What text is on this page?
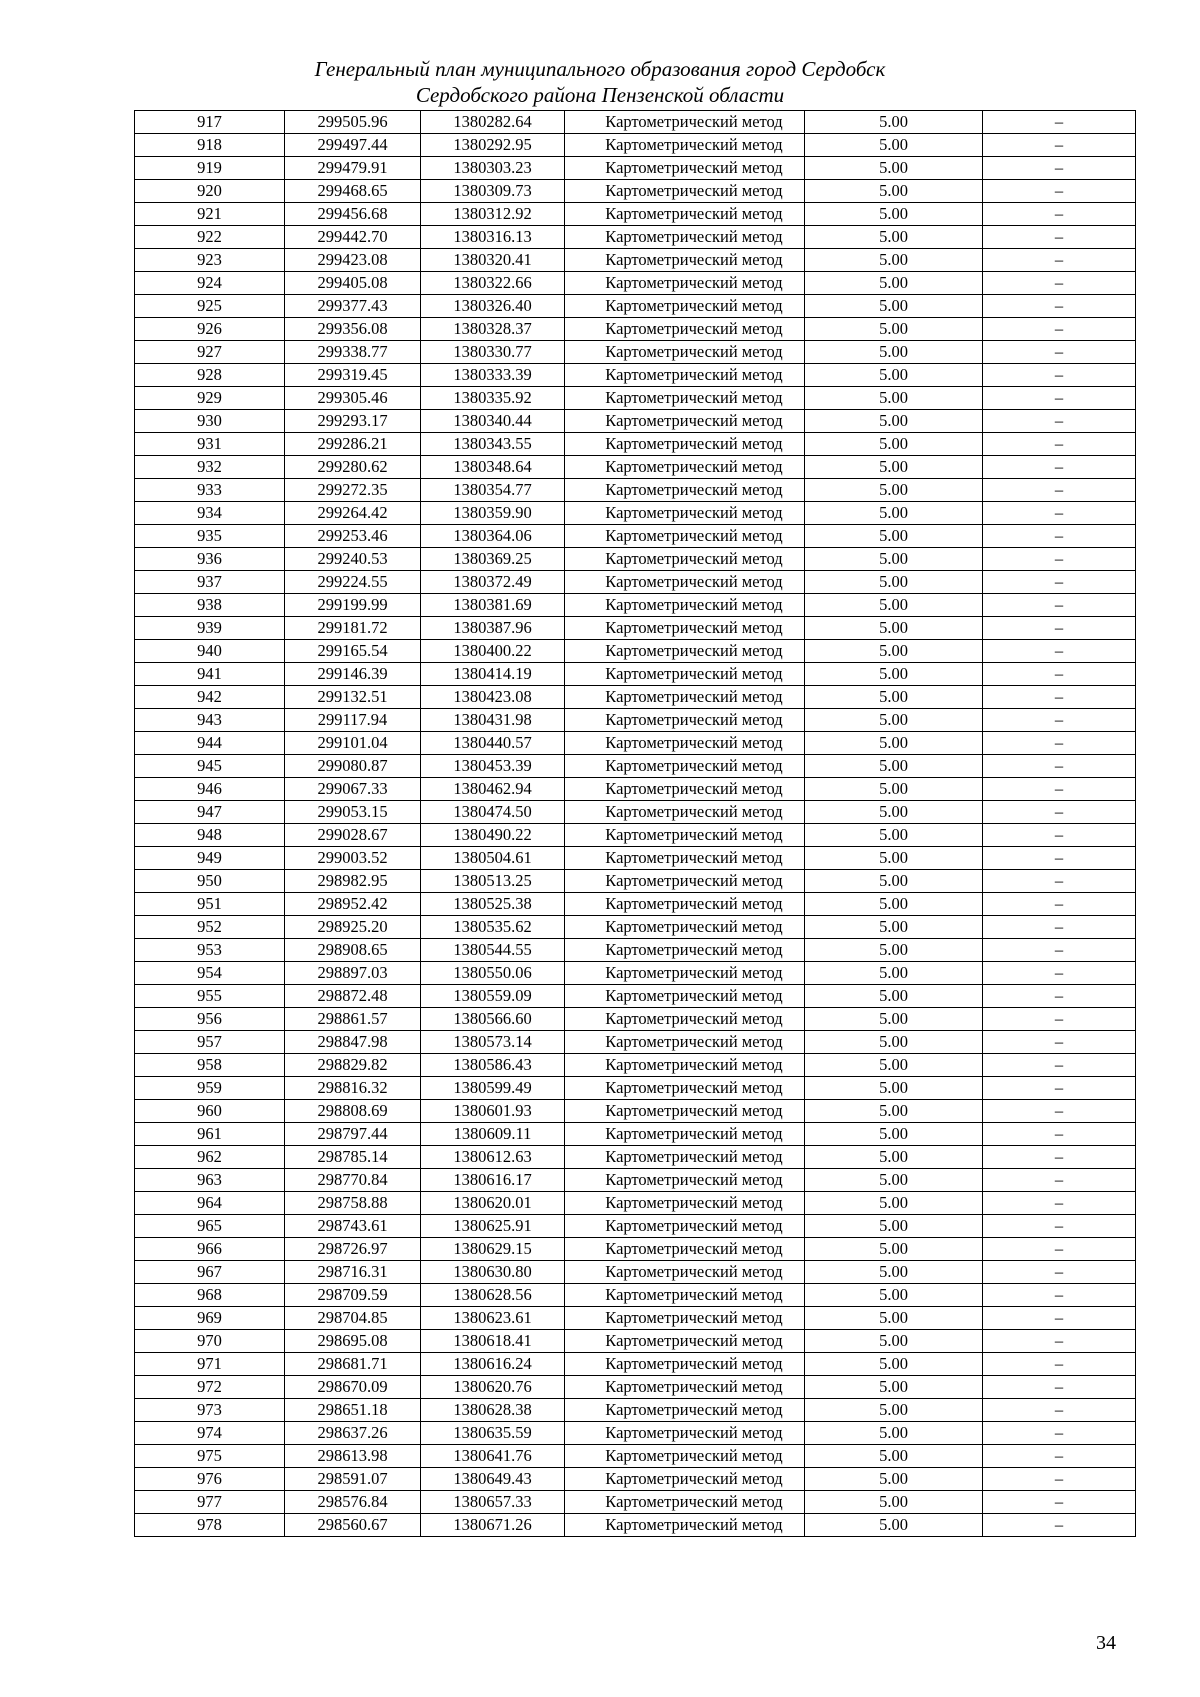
Генеральный план муниципального образования город Сердобск
Сердобского района Пензенской области
917	299505.96	1380282.64	Картометрический метод	5.00	–
918	299497.44	1380292.95	Картометрический метод	5.00	–
919	299479.91	1380303.23	Картометрический метод	5.00	–
920	299468.65	1380309.73	Картометрический метод	5.00	–
921	299456.68	1380312.92	Картометрический метод	5.00	–
922	299442.70	1380316.13	Картометрический метод	5.00	–
923	299423.08	1380320.41	Картометрический метод	5.00	–
924	299405.08	1380322.66	Картометрический метод	5.00	–
925	299377.43	1380326.40	Картометрический метод	5.00	–
926	299356.08	1380328.37	Картометрический метод	5.00	–
927	299338.77	1380330.77	Картометрический метод	5.00	–
928	299319.45	1380333.39	Картометрический метод	5.00	–
929	299305.46	1380335.92	Картометрический метод	5.00	–
930	299293.17	1380340.44	Картометрический метод	5.00	–
931	299286.21	1380343.55	Картометрический метод	5.00	–
932	299280.62	1380348.64	Картометрический метод	5.00	–
933	299272.35	1380354.77	Картометрический метод	5.00	–
934	299264.42	1380359.90	Картометрический метод	5.00	–
935	299253.46	1380364.06	Картометрический метод	5.00	–
936	299240.53	1380369.25	Картометрический метод	5.00	–
937	299224.55	1380372.49	Картометрический метод	5.00	–
938	299199.99	1380381.69	Картометрический метод	5.00	–
939	299181.72	1380387.96	Картометрический метод	5.00	–
940	299165.54	1380400.22	Картометрический метод	5.00	–
941	299146.39	1380414.19	Картометрический метод	5.00	–
942	299132.51	1380423.08	Картометрический метод	5.00	–
943	299117.94	1380431.98	Картометрический метод	5.00	–
944	299101.04	1380440.57	Картометрический метод	5.00	–
945	299080.87	1380453.39	Картометрический метод	5.00	–
946	299067.33	1380462.94	Картометрический метод	5.00	–
947	299053.15	1380474.50	Картометрический метод	5.00	–
948	299028.67	1380490.22	Картометрический метод	5.00	–
949	299003.52	1380504.61	Картометрический метод	5.00	–
950	298982.95	1380513.25	Картометрический метод	5.00	–
951	298952.42	1380525.38	Картометрический метод	5.00	–
952	298925.20	1380535.62	Картометрический метод	5.00	–
953	298908.65	1380544.55	Картометрический метод	5.00	–
954	298897.03	1380550.06	Картометрический метод	5.00	–
955	298872.48	1380559.09	Картометрический метод	5.00	–
956	298861.57	1380566.60	Картометрический метод	5.00	–
957	298847.98	1380573.14	Картометрический метод	5.00	–
958	298829.82	1380586.43	Картометрический метод	5.00	–
959	298816.32	1380599.49	Картометрический метод	5.00	–
960	298808.69	1380601.93	Картометрический метод	5.00	–
961	298797.44	1380609.11	Картометрический метод	5.00	–
962	298785.14	1380612.63	Картометрический метод	5.00	–
963	298770.84	1380616.17	Картометрический метод	5.00	–
964	298758.88	1380620.01	Картометрический метод	5.00	–
965	298743.61	1380625.91	Картометрический метод	5.00	–
966	298726.97	1380629.15	Картометрический метод	5.00	–
967	298716.31	1380630.80	Картометрический метод	5.00	–
968	298709.59	1380628.56	Картометрический метод	5.00	–
969	298704.85	1380623.61	Картометрический метод	5.00	–
970	298695.08	1380618.41	Картометрический метод	5.00	–
971	298681.71	1380616.24	Картометрический метод	5.00	–
972	298670.09	1380620.76	Картометрический метод	5.00	–
973	298651.18	1380628.38	Картометрический метод	5.00	–
974	298637.26	1380635.59	Картометрический метод	5.00	–
975	298613.98	1380641.76	Картометрический метод	5.00	–
976	298591.07	1380649.43	Картометрический метод	5.00	–
977	298576.84	1380657.33	Картометрический метод	5.00	–
978	298560.67	1380671.26	Картометрический метод	5.00	–
34
